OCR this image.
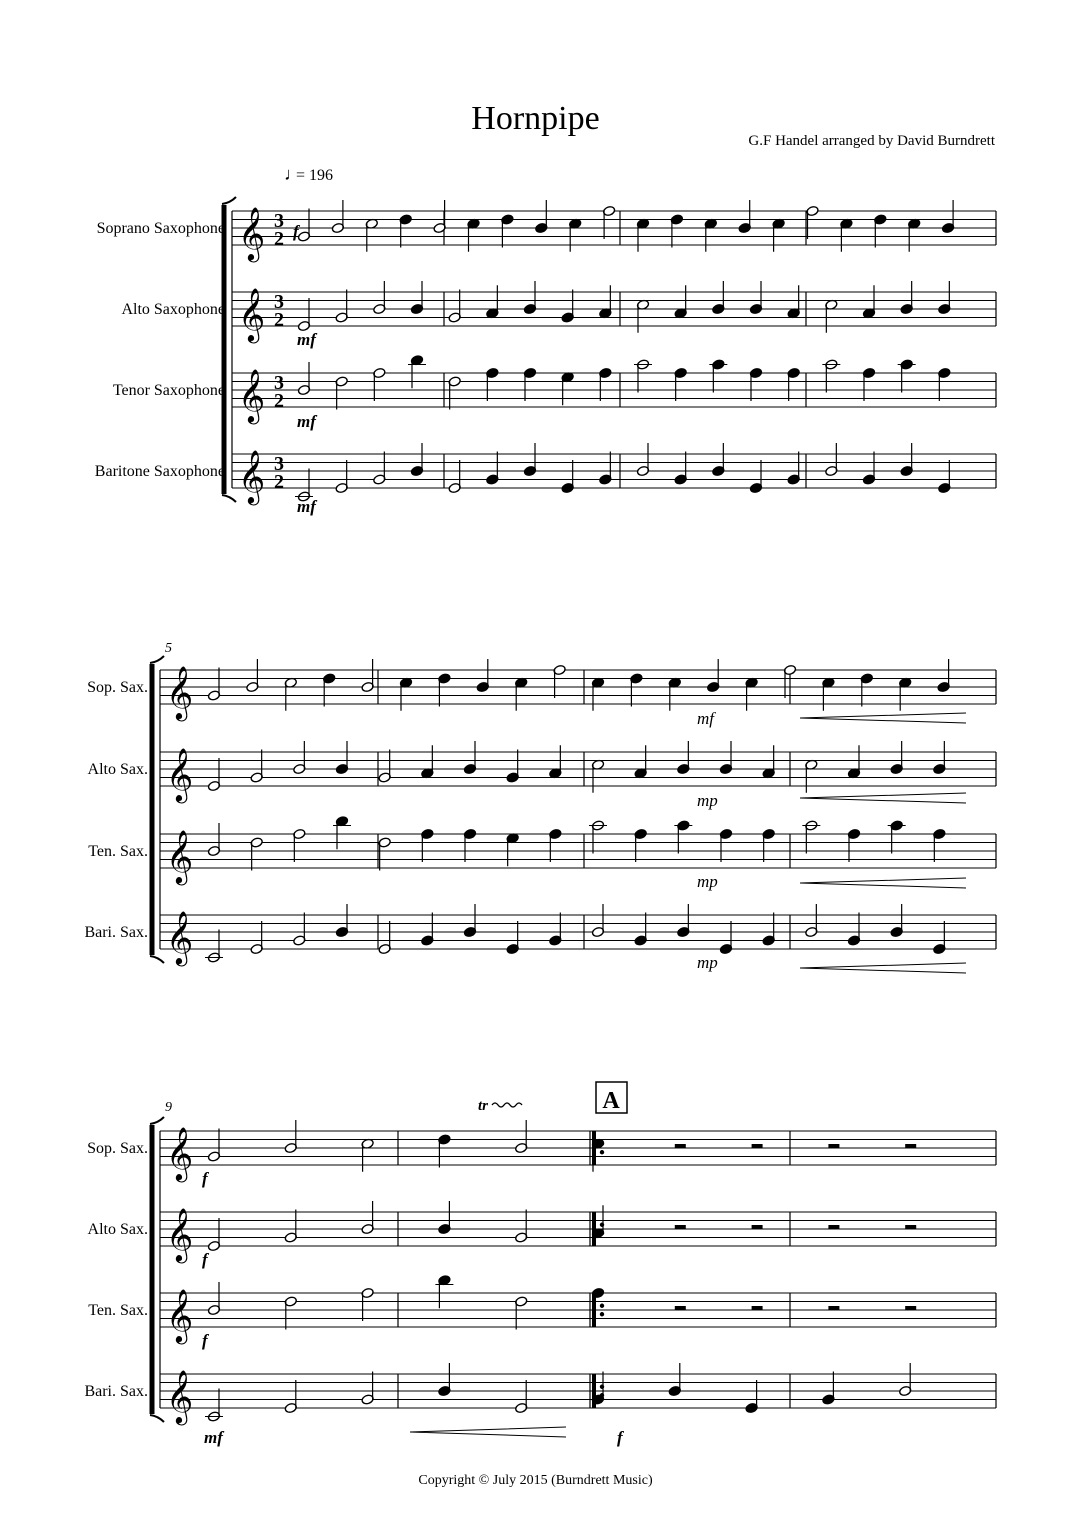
Hornpipe
G.F Handel arranged by David Burndrett
Copyright © July 2015 (Burndrett Music)
♩
= 196
𝄞 3
2
𝄞 3
2
𝄞 3
2
𝄞 3
2
𝄞
𝄞
𝄞
𝄞
𝄞
𝄞
𝄞
𝄞
Soprano Saxophone
Alto Saxophone
Tenor Saxophone
Baritone Saxophone
Sop. Sax.
Alto Sax.
Ten. Sax.
Bari. Sax.
Sop. Sax.
Alto Sax.
Ten. Sax.
Bari. Sax.
5
9	A
tr
f
mf
mf
mf
mf
mp
mp
mp
f
f
f
mf	f
